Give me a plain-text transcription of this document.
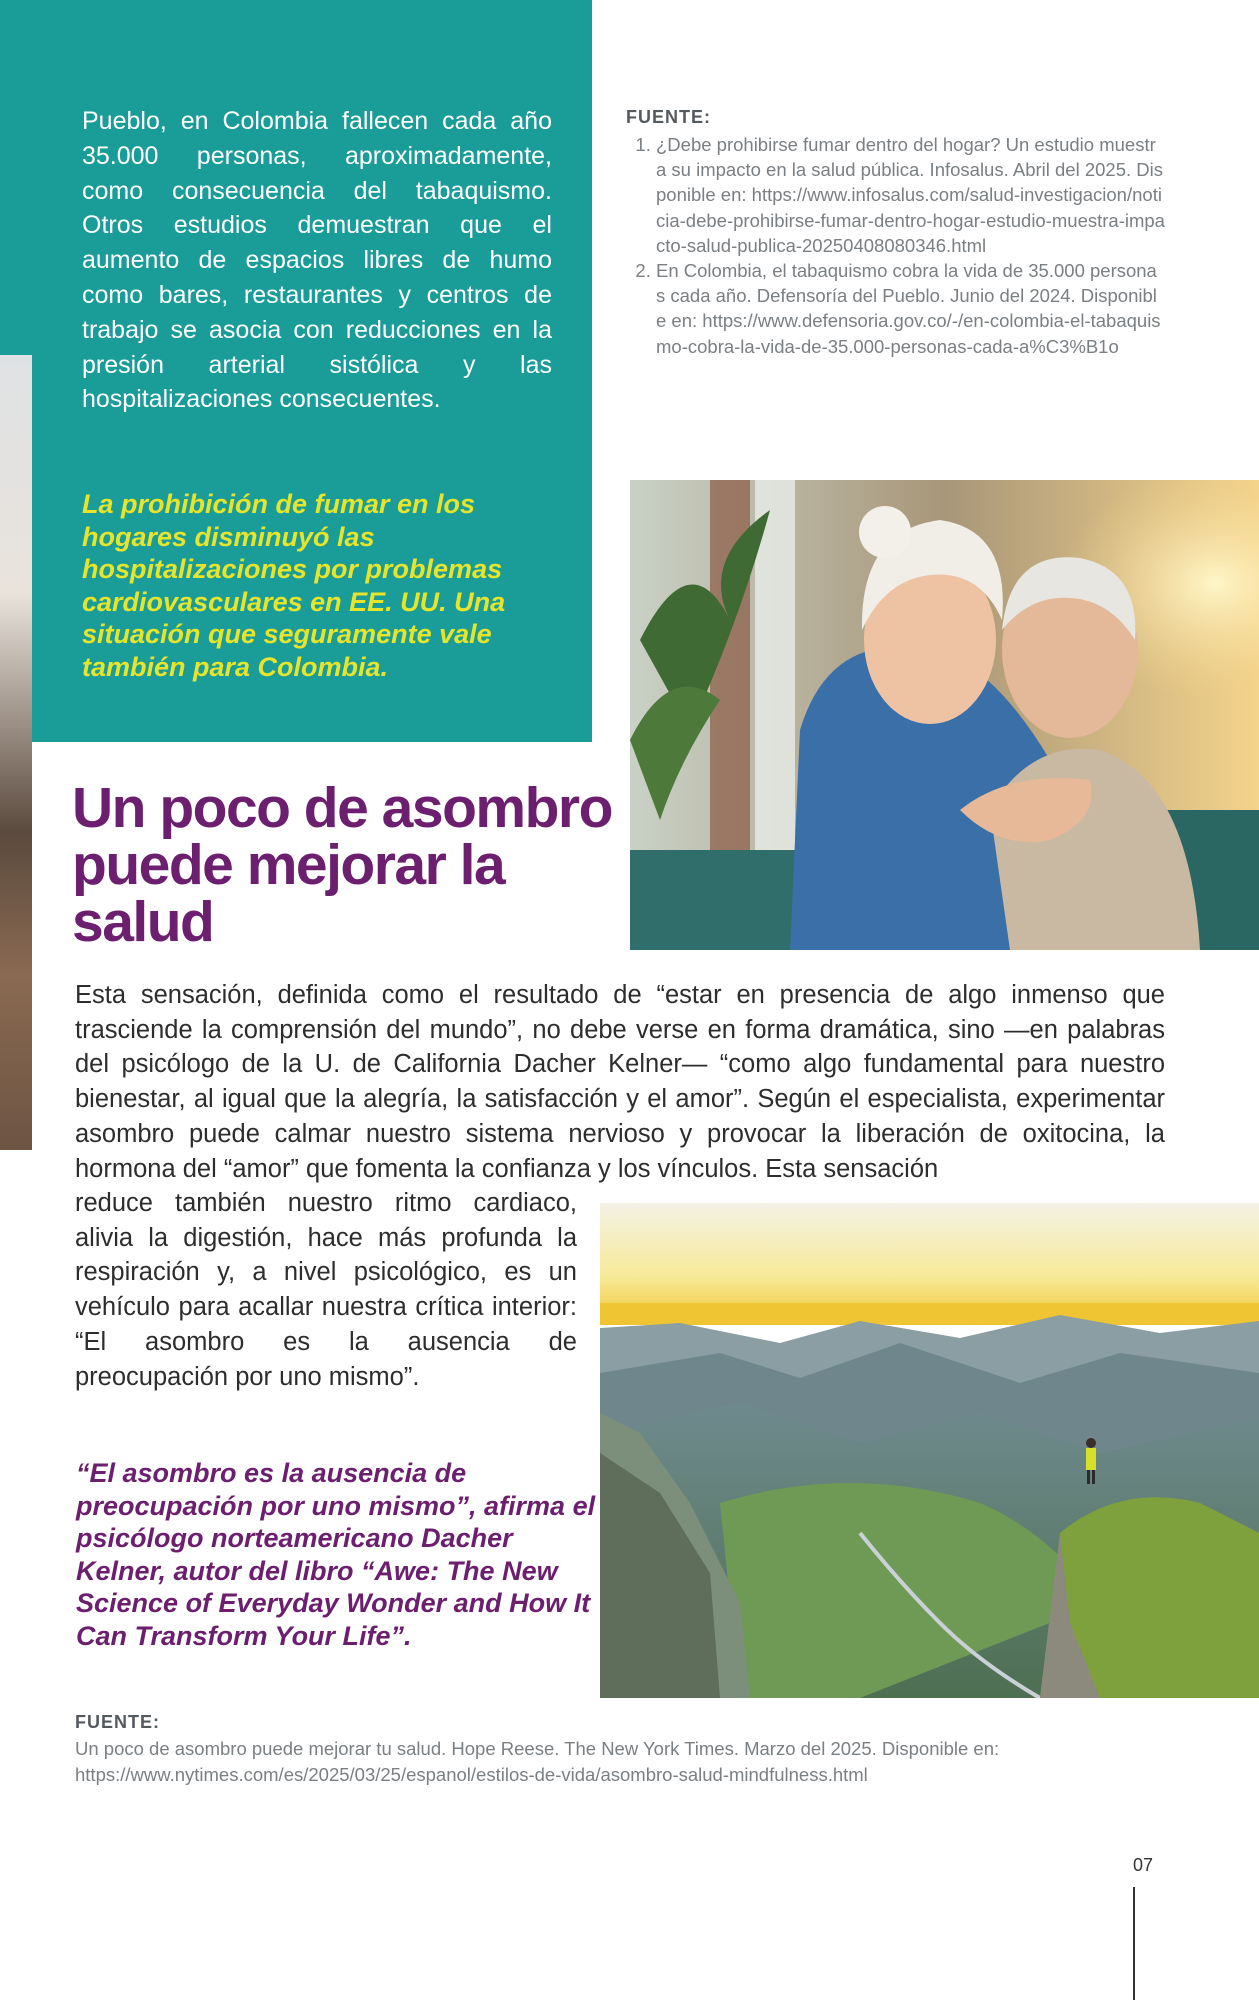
Pueblo, en Colombia fallecen cada año 35.000 personas, aproximadamente, como consecuencia del tabaquismo. Otros estudios demuestran que el aumento de espacios libres de humo como bares, restaurantes y centros de trabajo se asocia con reducciones en la presión arterial sistólica y las hospitalizaciones consecuentes.
La prohibición de fumar en los hogares disminuyó las hospitalizaciones por problemas cardiovasculares en EE. UU. Una situación que seguramente vale también para Colombia.
FUENTE:
1. ¿Debe prohibirse fumar dentro del hogar? Un estudio muestra su impacto en la salud pública. Infosalus. Abril del 2025. Disponible en: https://www.infosalus.com/salud-investigacion/noticia-debe-prohibirse-fumar-dentro-hogar-estudio-muestra-impacto-salud-publica-20250408080346.html
2. En Colombia, el tabaquismo cobra la vida de 35.000 personas cada año. Defensoría del Pueblo. Junio del 2024. Disponible en: https://www.defensoria.gov.co/-/en-colombia-el-tabaquismo-cobra-la-vida-de-35.000-personas-cada-a%C3%B1o
Un poco de asombro puede mejorar la salud
Esta sensación, definida como el resultado de “estar en presencia de algo inmenso que trasciende la comprensión del mundo”, no debe verse en forma dramática, sino —en palabras del psicólogo de la U. de California Dacher Kelner— “como algo fundamental para nuestro bienestar, al igual que la alegría, la satisfacción y el amor”. Según el especialista, experimentar asombro puede calmar nuestro sistema nervioso y provocar la liberación de oxitocina, la hormona del “amor” que fomenta la confianza y los vínculos. Esta sensación
reduce también nuestro ritmo cardiaco, alivia la digestión, hace más profunda la respiración y, a nivel psicológico, es un vehículo para acallar nuestra crítica interior: “El asombro es la ausencia de preocupación por uno mismo”.
“El asombro es la ausencia de preocupación por uno mismo”, afirma el psicólogo norteamericano Dacher Kelner, autor del libro “Awe: The New Science of Everyday Wonder and How It Can Transform Your Life”.
FUENTE:
Un poco de asombro puede mejorar tu salud. Hope Reese. The New York Times. Marzo del 2025. Disponible en: https://www.nytimes.com/es/2025/03/25/espanol/estilos-de-vida/asombro-salud-mindfulness.html
07
